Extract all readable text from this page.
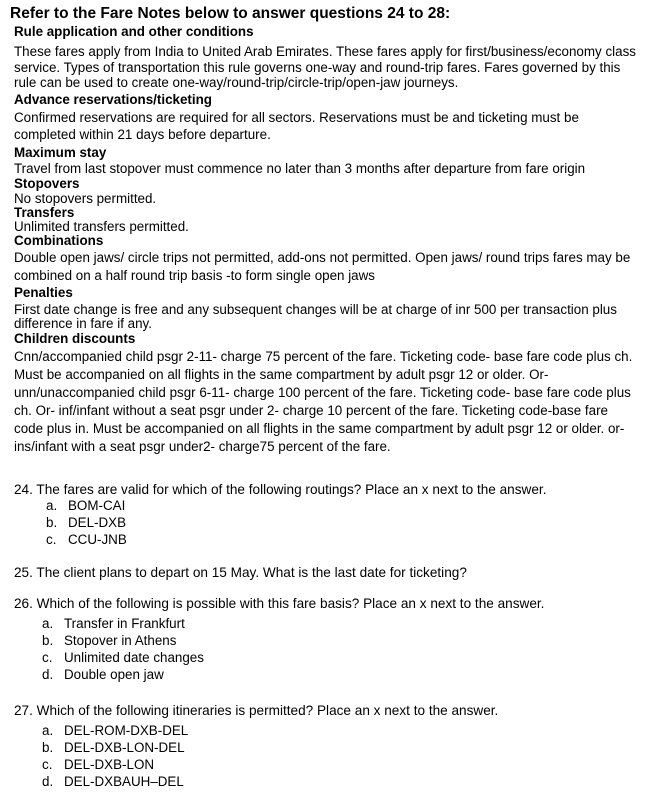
Refer to the Fare Notes below to answer questions 24 to 28:
Rule application and other conditions
These fares apply from India to United Arab Emirates. These fares apply for first/business/economy class
service. Types of transportation this rule governs one-way and round-trip fares. Fares governed by this
rule can be used to create one-way/round-trip/circle-trip/open-jaw journeys.
Advance reservations/ticketing
Confirmed reservations are required for all sectors. Reservations must be and ticketing must be
completed within 21 days before departure.
Maximum stay
Travel from last stopover must commence no later than 3 months after departure from fare origin
Stopovers
No stopovers permitted.
Transfers
Unlimited transfers permitted.
Combinations
Double open jaws/ circle trips not permitted, add-ons not permitted. Open jaws/ round trips fares may be
combined on a half round trip basis -to form single open jaws
Penalties
First date change is free and any subsequent changes will be at charge of inr 500 per transaction plus
difference in fare if any.
Children discounts
Cnn/accompanied child psgr 2-11- charge 75 percent of the fare. Ticketing code- base fare code plus ch.
Must be accompanied on all flights in the same compartment by adult psgr 12 or older. Or-
unn/unaccompanied child psgr 6-11- charge 100 percent of the fare. Ticketing code- base fare code plus
ch. Or- inf/infant without a seat psgr under 2- charge 10 percent of the fare. Ticketing code-base fare
code plus in. Must be accompanied on all flights in the same compartment by adult psgr 12 or older. or-
ins/infant with a seat psgr under2- charge75 percent of the fare.
24. The fares are valid for which of the following routings? Place an x next to the answer.
a. BOM-CAI
b. DEL-DXB
c. CCU-JNB
25. The client plans to depart on 15 May. What is the last date for ticketing?
26. Which of the following is possible with this fare basis? Place an x next to the answer.
a. Transfer in Frankfurt
b. Stopover in Athens
c. Unlimited date changes
d. Double open jaw
27. Which of the following itineraries is permitted? Place an x next to the answer.
a. DEL-ROM-DXB-DEL
b. DEL-DXB-LON-DEL
c. DEL-DXB-LON
d. DEL-DXBAUH–DEL
